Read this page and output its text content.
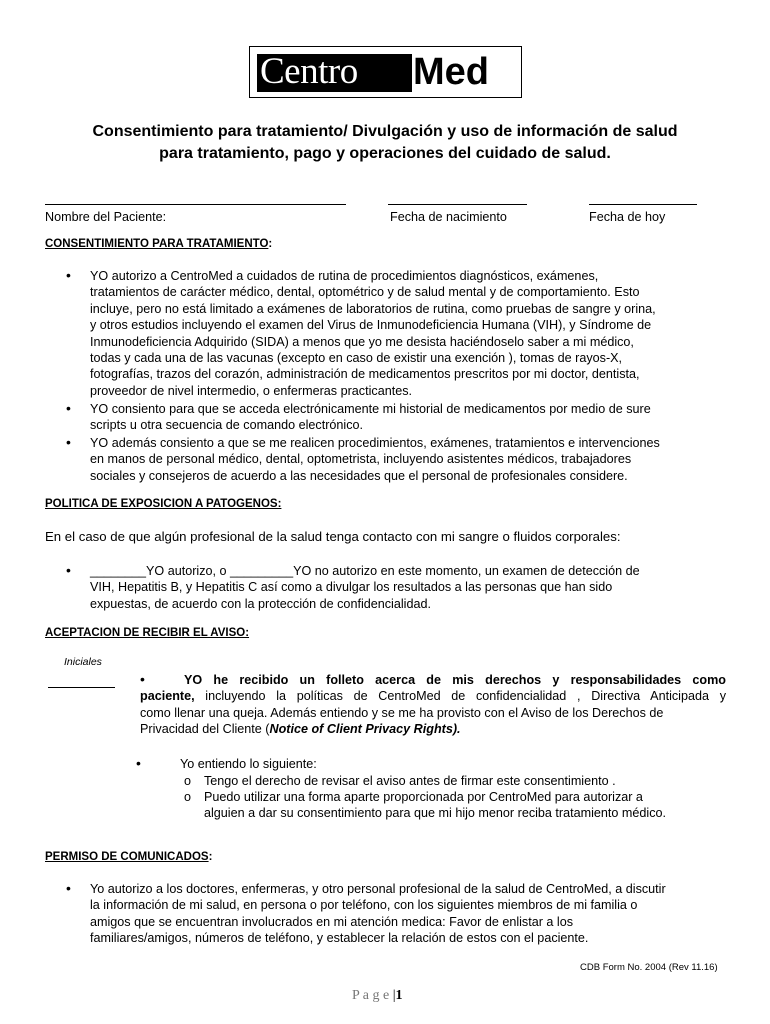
Centro Med
Consentimiento para tratamiento/ Divulgación y uso de información de salud
para tratamiento, pago y operaciones del cuidado de salud.
Nombre del Paciente:	Fecha de nacimiento	Fecha de hoy
CONSENTIMIENTO PARA TRATAMIENTO:
• YO autorizo a CentroMed a cuidados de rutina de procedimientos diagnósticos, exámenes,
tratamientos de carácter médico, dental, optométrico y de salud mental y de comportamiento. Esto
incluye, pero no está limitado a exámenes de laboratorios de rutina, como pruebas de sangre y orina,
y otros estudios incluyendo el examen del Virus de Inmunodeficiencia Humana (VIH), y Síndrome de
Inmunodeficiencia Adquirido (SIDA) a menos que yo me desista haciéndoselo saber a mi médico,
todas y cada una de las vacunas (excepto en caso de existir una exención ), tomas de rayos-X,
fotografías, trazos del corazón, administración de medicamentos prescritos por mi doctor, dentista,
proveedor de nivel intermedio, o enfermeras practicantes.
• YO consiento para que se acceda electrónicamente mi historial de medicamentos por medio de sure
scripts u otra secuencia de comando electrónico.
• YO además consiento a que se me realicen procedimientos, exámenes, tratamientos e intervenciones
en manos de personal médico, dental, optometrista, incluyendo asistentes médicos, trabajadores
sociales y consejeros de acuerdo a las necesidades que el personal de profesionales considere.
POLITICA DE EXPOSICION A PATOGENOS:
En el caso de que algún profesional de la salud tenga contacto con mi sangre o fluidos corporales:
• ________YO autorizo, o _________YO no autorizo en este momento, un examen de detección de
VIH, Hepatitis B, y Hepatitis C así como a divulgar los resultados a las personas que han sido
expuestas, de acuerdo con la protección de confidencialidad.
ACEPTACION DE RECIBIR EL AVISO:
Iniciales
•	YO he recibido un folleto acerca de mis derechos y responsabilidades como
paciente, incluyendo la políticas de CentroMed de confidencialidad , Directiva Anticipada y
como llenar una queja. Además entiendo y se me ha provisto con el Aviso de los Derechos de
Privacidad del Cliente (Notice of Client Privacy Rights).
•	Yo entiendo lo siguiente:
o Tengo el derecho de revisar el aviso antes de firmar este consentimiento .
o Puedo utilizar una forma aparte proporcionada por CentroMed para autorizar a
alguien a dar su consentimiento para que mi hijo menor reciba tratamiento médico.
PERMISO DE COMUNICADOS:
• Yo autorizo a los doctores, enfermeras, y otro personal profesional de la salud de CentroMed, a discutir
la información de mi salud, en persona o por teléfono, con los siguientes miembros de mi familia o
amigos que se encuentran involucrados en mi atención medica: Favor de enlistar a los
familiares/amigos, números de teléfono, y establecer la relación de estos con el paciente.
CDB Form No. 2004 (Rev 11.16)
P a g e |1
